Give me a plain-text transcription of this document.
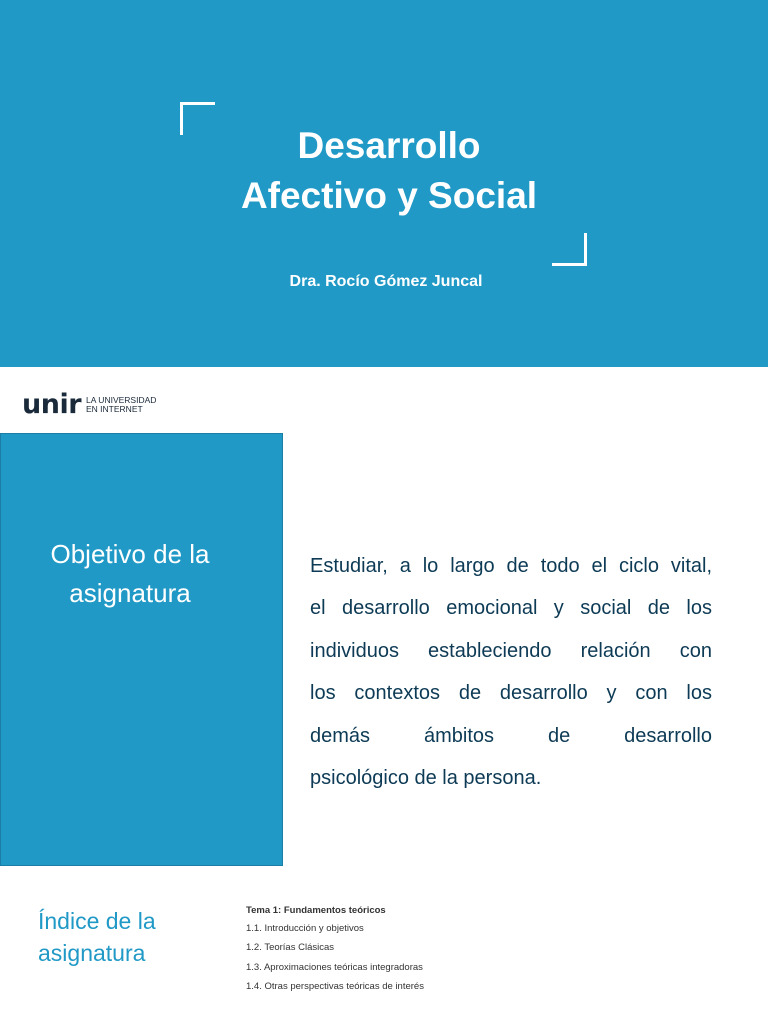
Desarrollo
Afectivo y Social
Dra. Rocío Gómez Juncal
unir LA UNIVERSIDAD
EN INTERNET
Objetivo de la
asignatura
Estudiar, a lo largo de todo el ciclo vital,
el desarrollo emocional y social de los
individuos estableciendo relación con
los contextos de desarrollo y con los
demás ámbitos de desarrollo
psicológico de la persona.
Índice de la
asignatura
Tema 1: Fundamentos teóricos
1.1. Introducción y objetivos
1.2. Teorías Clásicas
1.3. Aproximaciones teóricas integradoras
1.4. Otras perspectivas teóricas de interés
